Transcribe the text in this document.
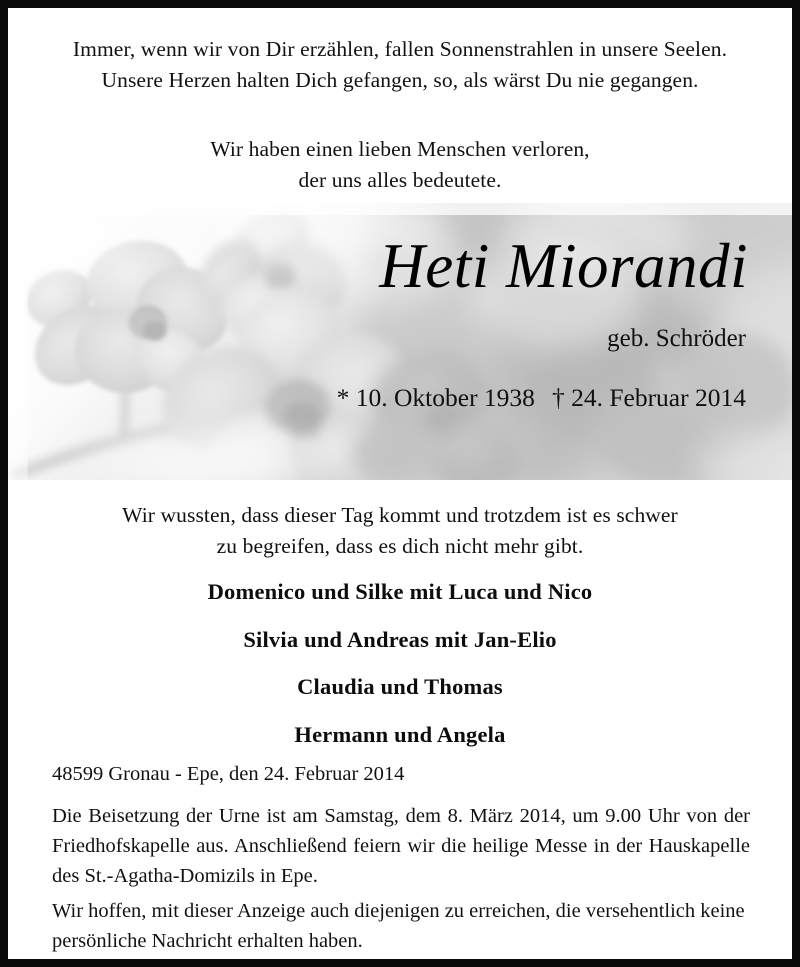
Immer, wenn wir von Dir erzählen, fallen Sonnenstrahlen in unsere Seelen.
Unsere Herzen halten Dich gefangen, so, als wärst Du nie gegangen.
Wir haben einen lieben Menschen verloren,
der uns alles bedeutete.
Heti Miorandi
geb. Schröder
* 10. Oktober 1938 † 24. Februar 2014
Wir wussten, dass dieser Tag kommt und trotzdem ist es schwer
zu begreifen, dass es dich nicht mehr gibt.
Domenico und Silke mit Luca und Nico
Silvia und Andreas mit Jan-Elio
Claudia und Thomas
Hermann und Angela
48599 Gronau - Epe, den 24. Februar 2014
Die Beisetzung der Urne ist am Samstag, dem 8. März 2014, um 9.00 Uhr von der Friedhofskapelle aus. Anschließend feiern wir die heilige Messe in der Hauskapelle des St.-Agatha-Domizils in Epe.
Wir hoffen, mit dieser Anzeige auch diejenigen zu erreichen, die versehentlich keine persönliche Nachricht erhalten haben.
